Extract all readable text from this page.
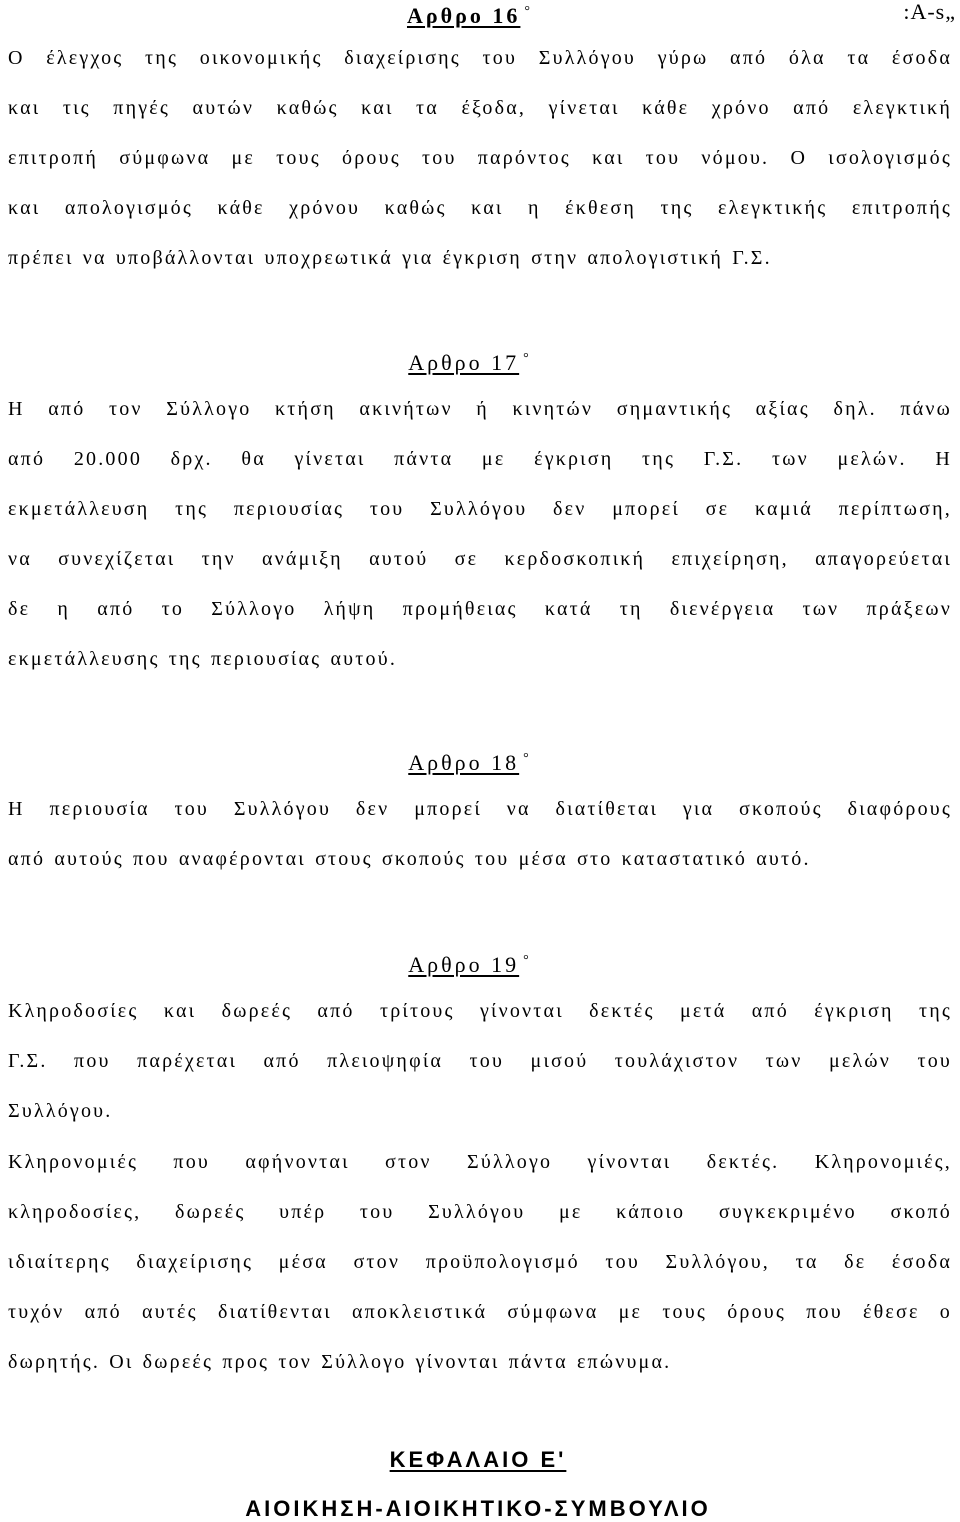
:A-s„
Αρθρο 16 °
Ο έλεγχος της οικονομικής διαχείρισης του Συλλόγου γύρω από όλα τα έσοδα
και τις πηγές αυτών καθώς και τα έξοδα, γίνεται κάθε χρόνο από ελεγκτική
επιτροπή σύμφωνα με τους όρους του παρόντος και του νόμου. Ο ισολογισμός
και απολογισμός κάθε χρόνου καθώς και η έκθεση της ελεγκτικής επιτροπής
πρέπει να υποβάλλονται υποχρεωτικά για έγκριση στην απολογιστική Γ.Σ.
Αρθρο 17 °
Η από τον Σύλλογο κτήση ακινήτων ή κινητών σημαντικής αξίας δηλ. πάνω
από 20.000 δρχ. θα γίνεται πάντα με έγκριση της Γ.Σ. των μελών. Η
εκμετάλλευση της περιουσίας του Συλλόγου δεν μπορεί σε καμιά περίπτωση,
να συνεχίζεται την ανάμιξη αυτού σε κερδοσκοπική επιχείρηση, απαγορεύεται
δε η από το Σύλλογο λήψη προμήθειας κατά τη διενέργεια των πράξεων
εκμετάλλευσης της περιουσίας αυτού.
Αρθρο 18 °
Η περιουσία του Συλλόγου δεν μπορεί να διατίθεται για σκοπούς διαφόρους
από αυτούς που αναφέρονται στους σκοπούς του μέσα στο καταστατικό αυτό.
Αρθρο 19 °
Κληροδοσίες και δωρεές από τρίτους γίνονται δεκτές μετά από έγκριση της
Γ.Σ. που παρέχεται από πλειοψηφία του μισού τουλάχιστον των μελών του
Συλλόγου.
Κληρονομιές που αφήνονται στον Σύλλογο γίνονται δεκτές. Κληρονομιές,
κληροδοσίες, δωρεές υπέρ του Συλλόγου με κάποιο συγκεκριμένο σκοπό
ιδιαίτερης διαχείρισης μέσα στον προϋπολογισμό του Συλλόγου, τα δε έσοδα
τυχόν από αυτές διατίθενται αποκλειστικά σύμφωνα με τους όρους που έθεσε ο
δωρητής. Οι δωρεές προς τον Σύλλογο γίνονται πάντα επώνυμα.
ΚΕΦΑΛΑΙΟ Ε'
ΑΙΟΙΚΗΣΗ-ΑΙΟΙΚΗΤΙΚΟ-ΣΥΜΒΟΥΛΙΟ
